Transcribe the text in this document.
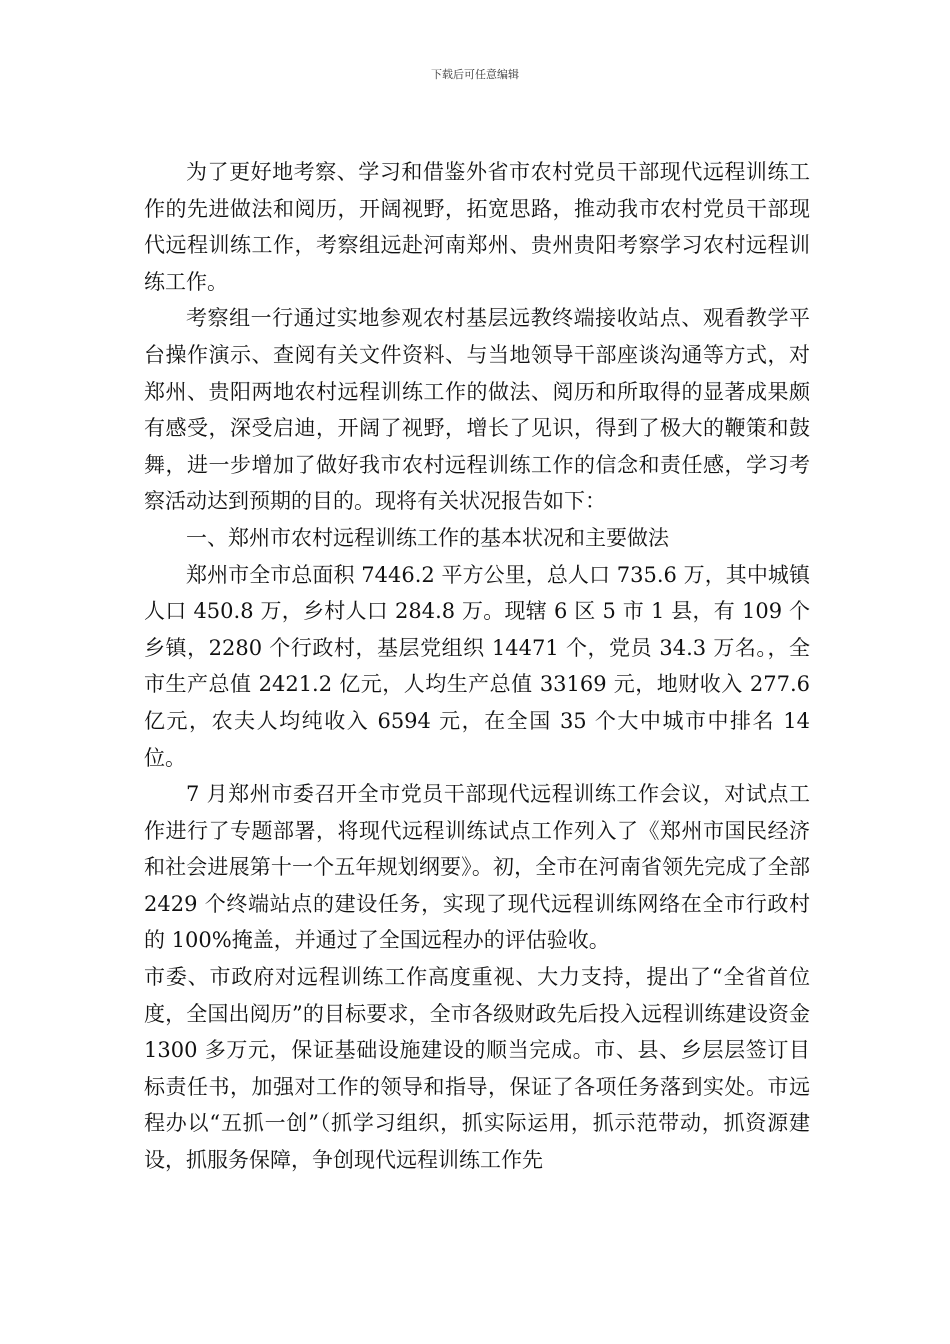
下载后可任意编辑

为了更好地考察、学习和借鉴外省市农村党员干部现代远程训练工作的先进做法和阅历，开阔视野，拓宽思路，推动我市农村党员干部现代远程训练工作，考察组远赴河南郑州、贵州贵阳考察学习农村远程训练工作。

考察组一行通过实地参观农村基层远教终端接收站点、观看教学平台操作演示、查阅有关文件资料、与当地领导干部座谈沟通等方式，对郑州、贵阳两地农村远程训练工作的做法、阅历和所取得的显著成果颇有感受，深受启迪，开阔了视野，增长了见识，得到了极大的鞭策和鼓舞，进一步增加了做好我市农村远程训练工作的信念和责任感，学习考察活动达到预期的目的。现将有关状况报告如下：

一、郑州市农村远程训练工作的基本状况和主要做法

郑州市全市总面积 7446.2 平方公里，总人口 735.6 万，其中城镇人口 450.8 万，乡村人口 284.8 万。现辖 6 区 5 市 1 县，有 109 个乡镇，2280 个行政村，基层党组织 14471 个，党员 34.3 万名。，全市生产总值 2421.2 亿元，人均生产总值 33169 元，地财收入 277.6 亿元，农夫人均纯收入 6594 元，在全国 35 个大中城市中排名 14 位。

7 月郑州市委召开全市党员干部现代远程训练工作会议，对试点工作进行了专题部署，将现代远程训练试点工作列入了《郑州市国民经济和社会进展第十一个五年规划纲要》。初，全市在河南省领先完成了全部 2429 个终端站点的建设任务，实现了现代远程训练网络在全市行政村的 100%掩盖，并通过了全国远程办的评估验收。

市委、市政府对远程训练工作高度重视、大力支持，提出了“全省首位度，全国出阅历”的目标要求，全市各级财政先后投入远程训练建设资金 1300 多万元，保证基础设施建设的顺当完成。市、县、乡层层签订目标责任书，加强对工作的领导和指导，保证了各项任务落到实处。市远程办以“五抓一创”（抓学习组织，抓实际运用，抓示范带动，抓资源建设，抓服务保障，争创现代远程训练工作先
